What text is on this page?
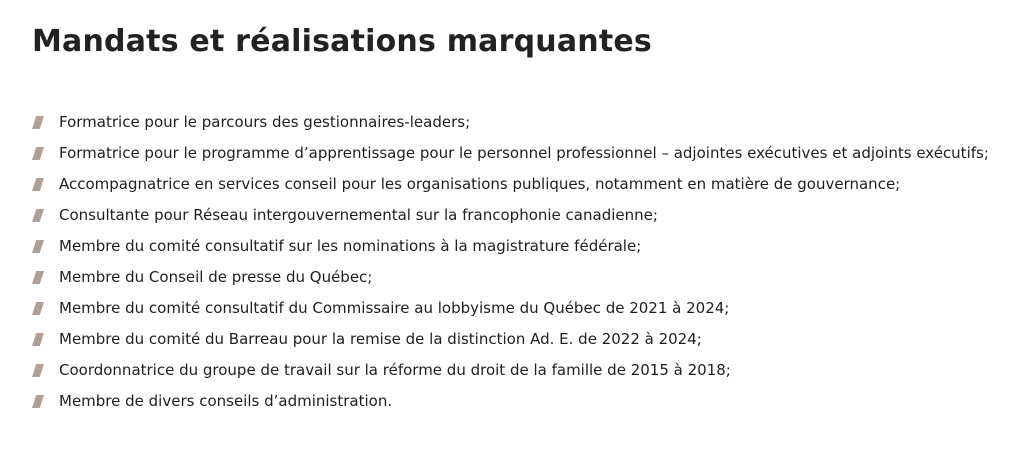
Mandats et réalisations marquantes
Formatrice pour le parcours des gestionnaires-leaders;
Formatrice pour le programme d’apprentissage pour le personnel professionnel – adjointes exécutives et adjoints exécutifs;
Accompagnatrice en services conseil pour les organisations publiques, notamment en matière de gouvernance;
Consultante pour Réseau intergouvernemental sur la francophonie canadienne;
Membre du comité consultatif sur les nominations à la magistrature fédérale;
Membre du Conseil de presse du Québec;
Membre du comité consultatif du Commissaire au lobbyisme du Québec de 2021 à 2024;
Membre du comité du Barreau pour la remise de la distinction Ad. E. de 2022 à 2024;
Coordonnatrice du groupe de travail sur la réforme du droit de la famille de 2015 à 2018;
Membre de divers conseils d’administration.
